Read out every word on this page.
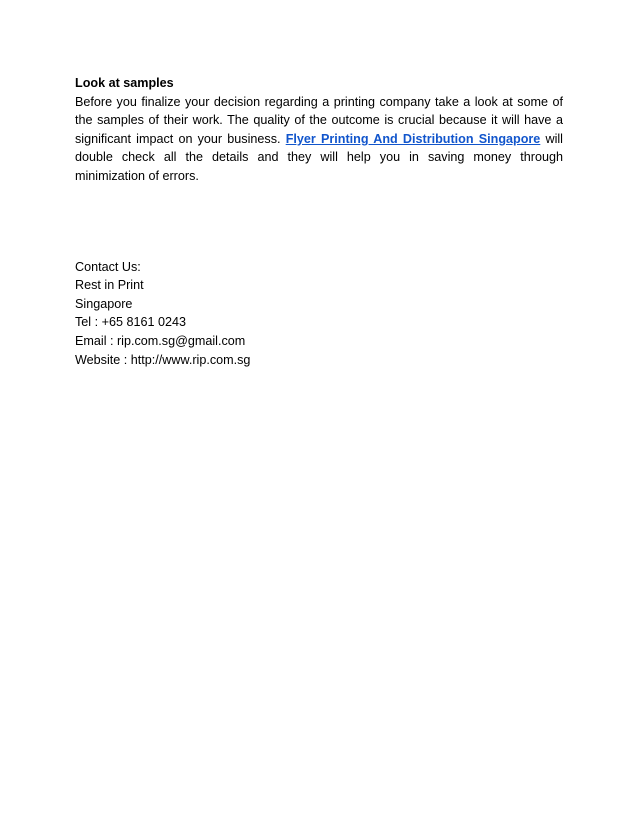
Look at samples

Before you finalize your decision regarding a printing company take a look at some of the samples of their work. The quality of the outcome is crucial because it will have a significant impact on your business. Flyer Printing And Distribution Singapore will double check all the details and they will help you in saving money through minimization of errors.

Contact Us:
Rest in Print
Singapore
Tel : +65 8161 0243
Email : rip.com.sg@gmail.com
Website : http://www.rip.com.sg
